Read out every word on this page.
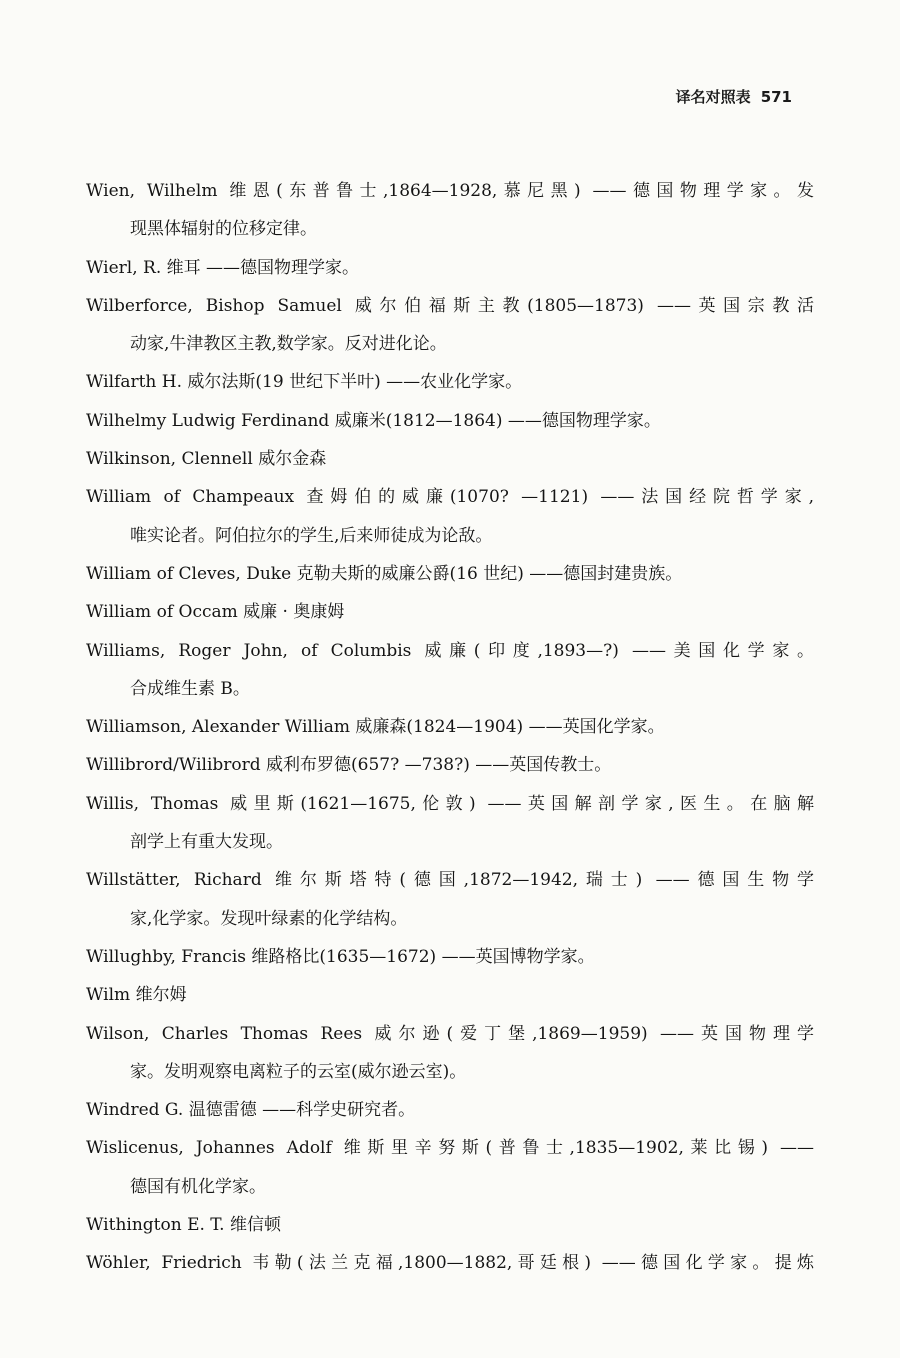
译名对照表 571
Wien, Wilhelm 维恩(东普鲁士,1864—1928,慕尼黑) ——德国物理学家。发
现黑体辐射的位移定律。
Wierl, R. 维耳 ——德国物理学家。
Wilberforce, Bishop Samuel 威尔伯福斯主教(1805—1873) ——英国宗教活
动家,牛津教区主教,数学家。反对进化论。
Wilfarth H. 威尔法斯(19 世纪下半叶) ——农业化学家。
Wilhelmy Ludwig Ferdinand 威廉米(1812—1864) ——德国物理学家。
Wilkinson, Clennell 威尔金森
William of Champeaux 查姆伯的威廉(1070? —1121) ——法国经院哲学家,
唯实论者。阿伯拉尔的学生,后来师徒成为论敌。
William of Cleves, Duke 克勒夫斯的威廉公爵(16 世纪) ——德国封建贵族。
William of Occam 威廉 · 奥康姆
Williams, Roger John, of Columbis 威廉(印度,1893—?) ——美国化学家。
合成维生素 B。
Williamson, Alexander William 威廉森(1824—1904) ——英国化学家。
Willibrord/Wilibrord 威利布罗德(657? —738?) ——英国传教士。
Willis, Thomas 威里斯(1621—1675,伦敦) ——英国解剖学家,医生。在脑解
剖学上有重大发现。
Willstätter, Richard 维尔斯塔特(德国,1872—1942,瑞士) ——德国生物学
家,化学家。发现叶绿素的化学结构。
Willughby, Francis 维路格比(1635—1672) ——英国博物学家。
Wilm 维尔姆
Wilson, Charles Thomas Rees 威尔逊(爱丁堡,1869—1959) ——英国物理学
家。发明观察电离粒子的云室(威尔逊云室)。
Windred G. 温德雷德 ——科学史研究者。
Wislicenus, Johannes Adolf 维斯里辛努斯(普鲁士,1835—1902,莱比锡) ——
德国有机化学家。
Withington E. T. 维信顿
Wöhler, Friedrich 韦勒(法兰克福,1800—1882,哥廷根) ——德国化学家。提炼
